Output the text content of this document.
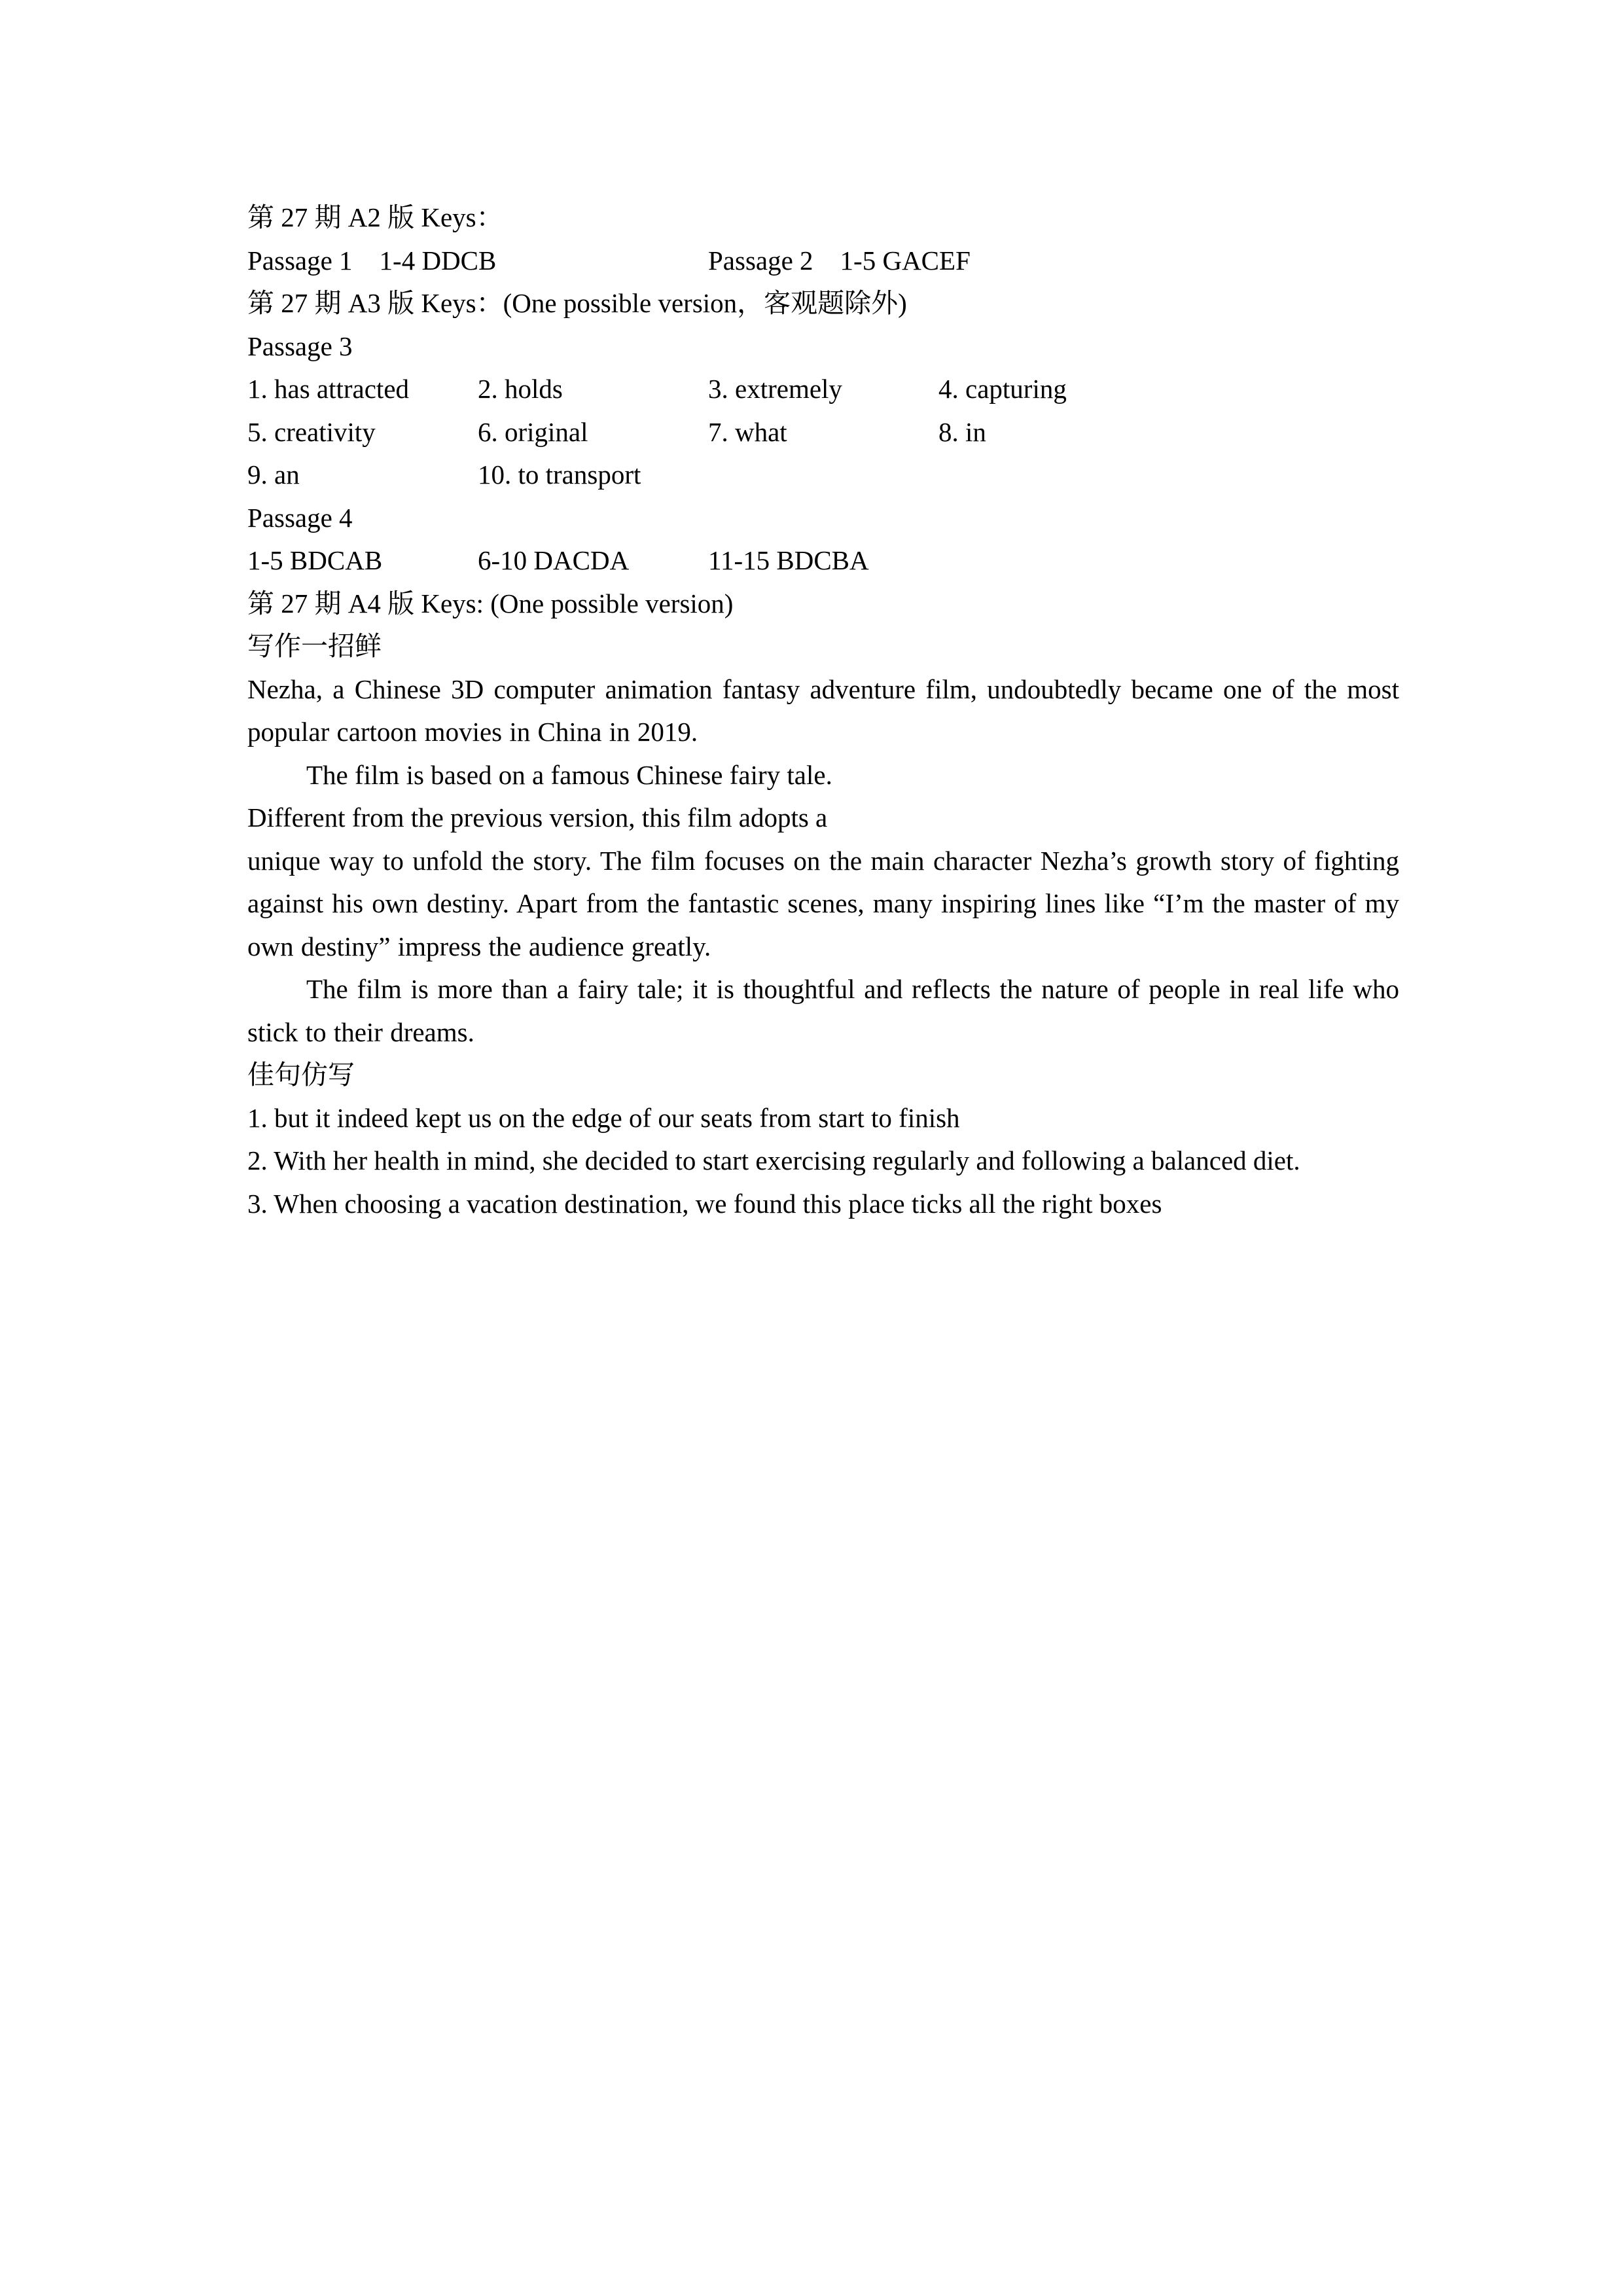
第 27 期 A2 版 Keys：
Passage 1    1-4 DDCB	Passage 2    1-5 GACEF
第 27 期 A3 版 Keys：(One possible version，客观题除外)
Passage 3
1. has attracted	2. holds	3. extremely	4. capturing
5. creativity	6. original	7. what	8. in
9. an	10. to transport
Passage 4
1-5 BDCAB	6-10 DACDA	11-15 BDCBA
第 27 期 A4 版 Keys: (One possible version)
写作一招鲜
Nezha, a Chinese 3D computer animation fantasy adventure film, undoubtedly became one of the most popular cartoon movies in China in 2019.
The film is based on a famous Chinese fairy tale.
Different from the previous version, this film adopts a
unique way to unfold the story. The film focuses on the main character Nezha’s growth story of fighting against his own destiny. Apart from the fantastic scenes, many inspiring lines like “I’m the master of my own destiny” impress the audience greatly.
The film is more than a fairy tale; it is thoughtful and reflects the nature of people in real life who stick to their dreams.
佳句仿写
1. but it indeed kept us on the edge of our seats from start to finish
2. With her health in mind, she decided to start exercising regularly and following a balanced diet.
3. When choosing a vacation destination, we found this place ticks all the right boxes
